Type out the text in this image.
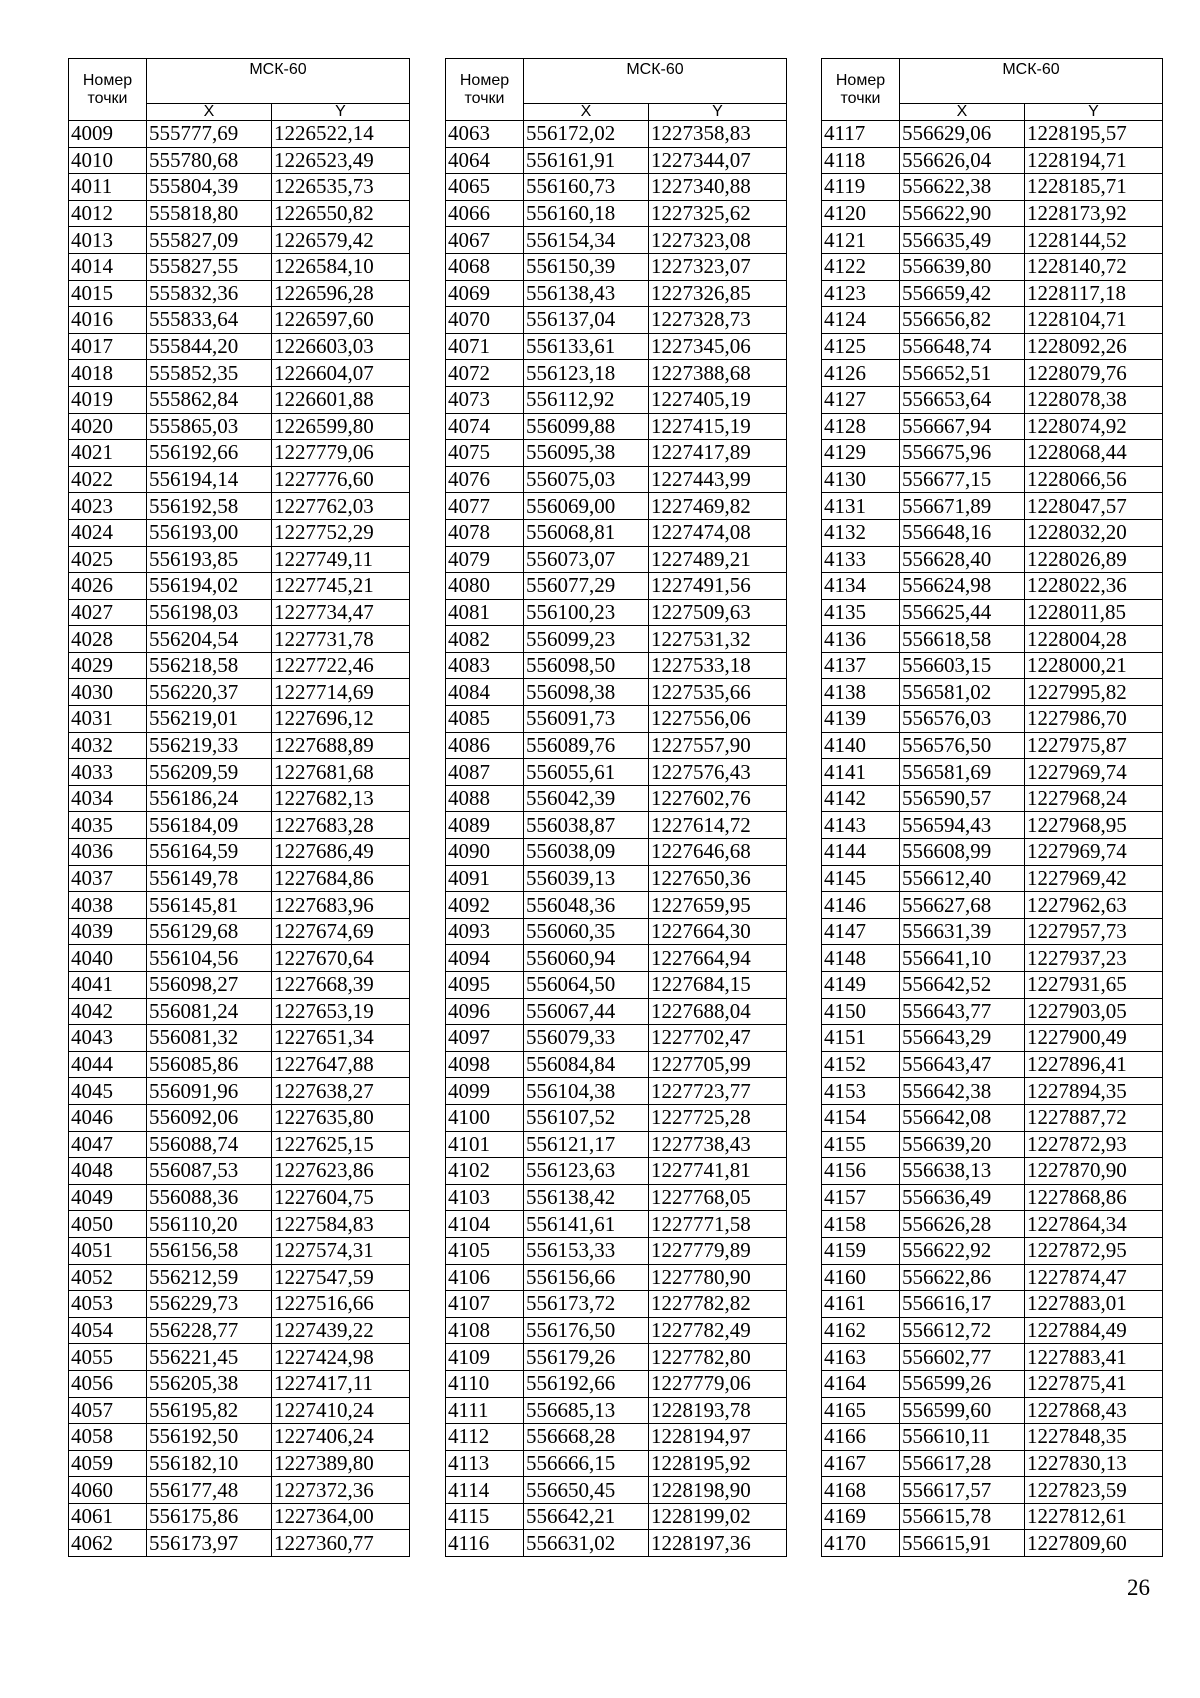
Номер
точки	МСК-60	
	X	Y
4009	555777,69	1226522,14
4010	555780,68	1226523,49
4011	555804,39	1226535,73
4012	555818,80	1226550,82
4013	555827,09	1226579,42
4014	555827,55	1226584,10
4015	555832,36	1226596,28
4016	555833,64	1226597,60
4017	555844,20	1226603,03
4018	555852,35	1226604,07
4019	555862,84	1226601,88
4020	555865,03	1226599,80
4021	556192,66	1227779,06
4022	556194,14	1227776,60
4023	556192,58	1227762,03
4024	556193,00	1227752,29
4025	556193,85	1227749,11
4026	556194,02	1227745,21
4027	556198,03	1227734,47
4028	556204,54	1227731,78
4029	556218,58	1227722,46
4030	556220,37	1227714,69
4031	556219,01	1227696,12
4032	556219,33	1227688,89
4033	556209,59	1227681,68
4034	556186,24	1227682,13
4035	556184,09	1227683,28
4036	556164,59	1227686,49
4037	556149,78	1227684,86
4038	556145,81	1227683,96
4039	556129,68	1227674,69
4040	556104,56	1227670,64
4041	556098,27	1227668,39
4042	556081,24	1227653,19
4043	556081,32	1227651,34
4044	556085,86	1227647,88
4045	556091,96	1227638,27
4046	556092,06	1227635,80
4047	556088,74	1227625,15
4048	556087,53	1227623,86
4049	556088,36	1227604,75
4050	556110,20	1227584,83
4051	556156,58	1227574,31
4052	556212,59	1227547,59
4053	556229,73	1227516,66
4054	556228,77	1227439,22
4055	556221,45	1227424,98
4056	556205,38	1227417,11
4057	556195,82	1227410,24
4058	556192,50	1227406,24
4059	556182,10	1227389,80
4060	556177,48	1227372,36
4061	556175,86	1227364,00
4062	556173,97	1227360,77
Номер
точки	МСК-60	
	X	Y
4063	556172,02	1227358,83
4064	556161,91	1227344,07
4065	556160,73	1227340,88
4066	556160,18	1227325,62
4067	556154,34	1227323,08
4068	556150,39	1227323,07
4069	556138,43	1227326,85
4070	556137,04	1227328,73
4071	556133,61	1227345,06
4072	556123,18	1227388,68
4073	556112,92	1227405,19
4074	556099,88	1227415,19
4075	556095,38	1227417,89
4076	556075,03	1227443,99
4077	556069,00	1227469,82
4078	556068,81	1227474,08
4079	556073,07	1227489,21
4080	556077,29	1227491,56
4081	556100,23	1227509,63
4082	556099,23	1227531,32
4083	556098,50	1227533,18
4084	556098,38	1227535,66
4085	556091,73	1227556,06
4086	556089,76	1227557,90
4087	556055,61	1227576,43
4088	556042,39	1227602,76
4089	556038,87	1227614,72
4090	556038,09	1227646,68
4091	556039,13	1227650,36
4092	556048,36	1227659,95
4093	556060,35	1227664,30
4094	556060,94	1227664,94
4095	556064,50	1227684,15
4096	556067,44	1227688,04
4097	556079,33	1227702,47
4098	556084,84	1227705,99
4099	556104,38	1227723,77
4100	556107,52	1227725,28
4101	556121,17	1227738,43
4102	556123,63	1227741,81
4103	556138,42	1227768,05
4104	556141,61	1227771,58
4105	556153,33	1227779,89
4106	556156,66	1227780,90
4107	556173,72	1227782,82
4108	556176,50	1227782,49
4109	556179,26	1227782,80
4110	556192,66	1227779,06
4111	556685,13	1228193,78
4112	556668,28	1228194,97
4113	556666,15	1228195,92
4114	556650,45	1228198,90
4115	556642,21	1228199,02
4116	556631,02	1228197,36
Номер
точки	МСК-60	
	X	Y
4117	556629,06	1228195,57
4118	556626,04	1228194,71
4119	556622,38	1228185,71
4120	556622,90	1228173,92
4121	556635,49	1228144,52
4122	556639,80	1228140,72
4123	556659,42	1228117,18
4124	556656,82	1228104,71
4125	556648,74	1228092,26
4126	556652,51	1228079,76
4127	556653,64	1228078,38
4128	556667,94	1228074,92
4129	556675,96	1228068,44
4130	556677,15	1228066,56
4131	556671,89	1228047,57
4132	556648,16	1228032,20
4133	556628,40	1228026,89
4134	556624,98	1228022,36
4135	556625,44	1228011,85
4136	556618,58	1228004,28
4137	556603,15	1228000,21
4138	556581,02	1227995,82
4139	556576,03	1227986,70
4140	556576,50	1227975,87
4141	556581,69	1227969,74
4142	556590,57	1227968,24
4143	556594,43	1227968,95
4144	556608,99	1227969,74
4145	556612,40	1227969,42
4146	556627,68	1227962,63
4147	556631,39	1227957,73
4148	556641,10	1227937,23
4149	556642,52	1227931,65
4150	556643,77	1227903,05
4151	556643,29	1227900,49
4152	556643,47	1227896,41
4153	556642,38	1227894,35
4154	556642,08	1227887,72
4155	556639,20	1227872,93
4156	556638,13	1227870,90
4157	556636,49	1227868,86
4158	556626,28	1227864,34
4159	556622,92	1227872,95
4160	556622,86	1227874,47
4161	556616,17	1227883,01
4162	556612,72	1227884,49
4163	556602,77	1227883,41
4164	556599,26	1227875,41
4165	556599,60	1227868,43
4166	556610,11	1227848,35
4167	556617,28	1227830,13
4168	556617,57	1227823,59
4169	556615,78	1227812,61
4170	556615,91	1227809,60
26
